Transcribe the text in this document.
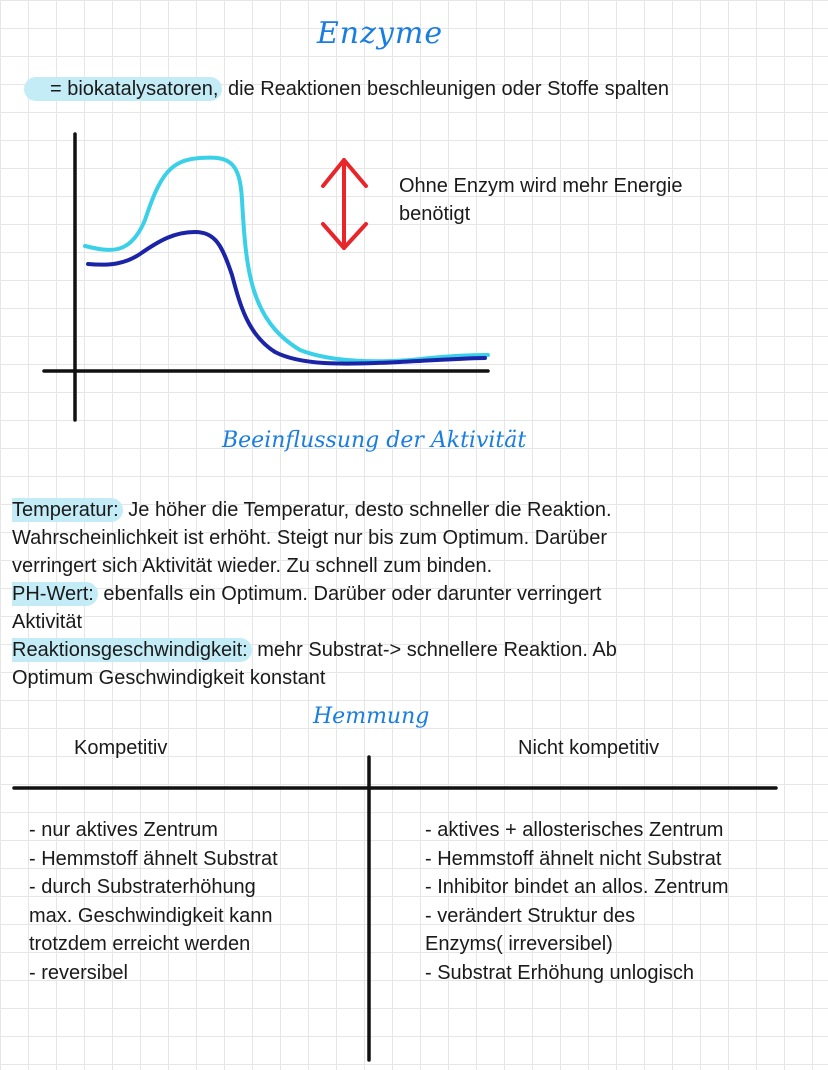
Enzyme
= biokatalysatoren, die Reaktionen beschleunigen oder Stoffe spalten
Ohne Enzym wird mehr Energie
benötigt
Beeinflussung der Aktivität
Temperatur: Je höher die Temperatur, desto schneller die Reaktion.
Wahrscheinlichkeit ist erhöht. Steigt nur bis zum Optimum. Darüber
verringert sich Aktivität wieder. Zu schnell zum binden.
PH-Wert: ebenfalls ein Optimum. Darüber oder darunter verringert
Aktivität
Reaktionsgeschwindigkeit: mehr Substrat-> schnellere Reaktion. Ab
Optimum Geschwindigkeit konstant
Hemmung
Kompetitiv	Nicht kompetitiv
- nur aktives Zentrum
- Hemmstoff ähnelt Substrat
- durch Substraterhöhung
max. Geschwindigkeit kann
trotzdem erreicht werden
- reversibel
- aktives + allosterisches Zentrum
- Hemmstoff ähnelt nicht Substrat
- Inhibitor bindet an allos. Zentrum
- verändert Struktur des
Enzyms( irreversibel)
- Substrat Erhöhung unlogisch
